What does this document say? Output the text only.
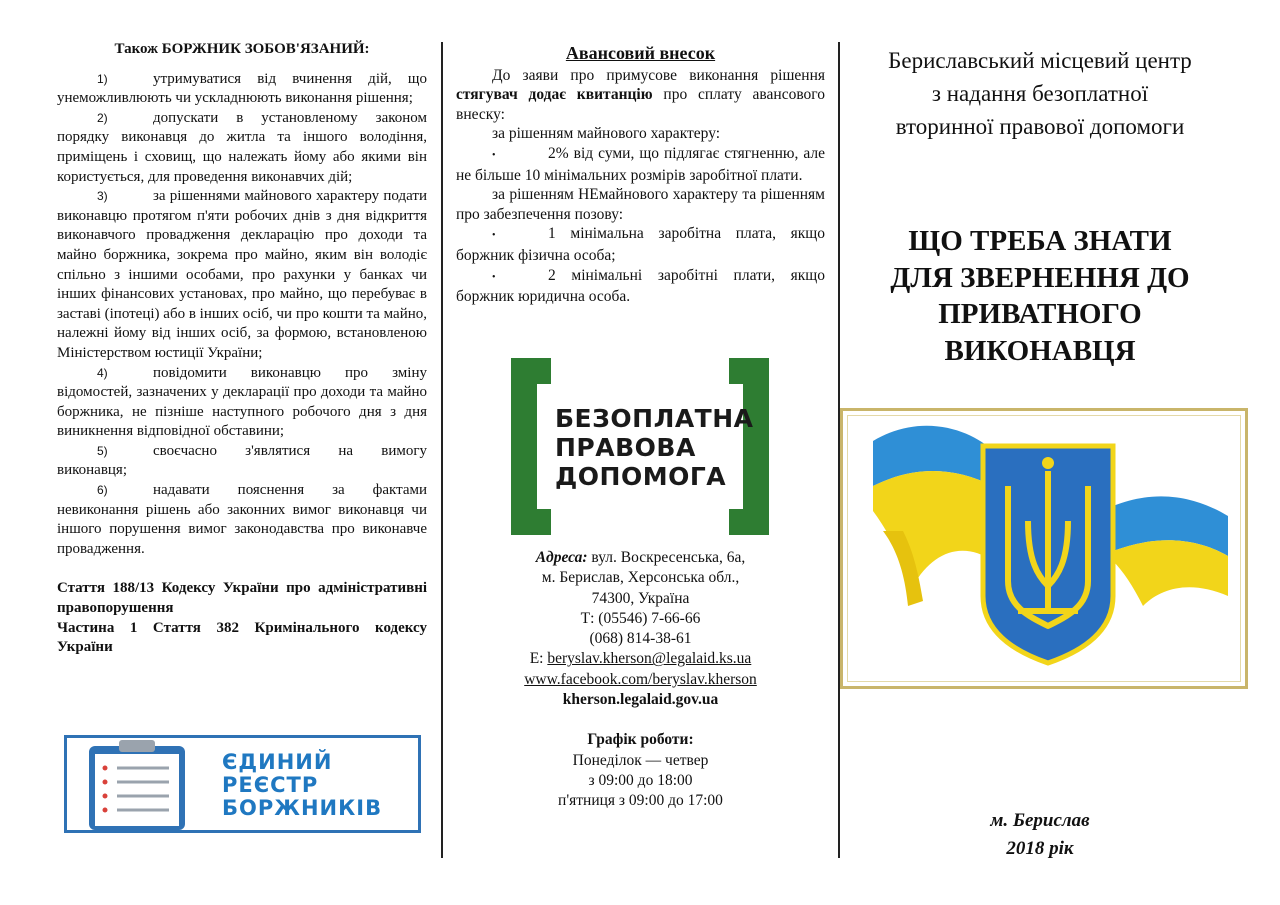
Також БОРЖНИК ЗОБОВ'ЯЗАНИЙ:

1)	утримуватися від вчинення дій, що унеможливлюють чи ускладнюють виконання рішення;

2)	допускати в установленому законом порядку виконавця до житла та іншого володіння, приміщень і сховищ, що належать йому або якими він користується, для проведення виконавчих дій;

3)	за рішеннями майнового характеру подати виконавцю протягом п'яти робочих днів з дня відкриття виконавчого провадження декларацію про доходи та майно боржника, зокрема про майно, яким він володіє спільно з іншими особами, про рахунки у банках чи інших фінансових установах, про майно, що перебуває в заставі (іпотеці) або в інших осіб, чи про кошти та майно, належні йому від інших осіб, за формою, встановленою Міністерством юстиції України;

4)	повідомити виконавцю про зміну відомостей, зазначених у декларації про доходи та майно боржника, не пізніше наступного робочого дня з дня виникнення відповідної обставини;

5)	своєчасно з'являтися на вимогу виконавця;

6)	надавати пояснення за фактами невиконання рішень або законних вимог виконавця чи іншого порушення вимог законодавства про виконавче провадження.

Стаття 188/13 Кодексу України про адміністративні правопорушення

Частина 1 Стаття 382 Кримінального кодексу України

ЄДИНИЙ
РЕЄСТР
БОРЖНИКІВ
Авансовий внесок

До заяви про примусове виконання рішення стягувач додає квитанцію про сплату авансового внеску:

за рішенням майнового характеру:

•	2% від суми, що підлягає стягненню, але не більше 10 мінімальних розмірів заробітної плати.

за рішенням НЕмайнового характеру та рішенням про забезпечення позову:

•	1 мінімальна заробітна плата, якщо боржник фізична особа;

•	2 мінімальні заробітні плати, якщо боржник юридична особа.

БЕЗОПЛАТНА
ПРАВОВА
ДОПОМОГА

Адреса: вул. Воскресенська, 6а,

м. Берислав, Херсонська обл.,

74300, Україна

Т: (05546) 7-66-66

(068) 814-38-61

E: beryslav.kherson@legalaid.ks.ua

www.facebook.com/beryslav.kherson

kherson.legalaid.gov.ua

Графік роботи:

Понеділок — четвер

з 09:00 до 18:00

п'ятниця з 09:00 до 17:00

Бериславський місцевий центр

з надання безоплатної

вторинної правової допомоги

ЩО ТРЕБА ЗНАТИ
ДЛЯ ЗВЕРНЕННЯ ДО
ПРИВАТНОГО
ВИКОНАВЦЯ

м. Берислав

2018 рік
